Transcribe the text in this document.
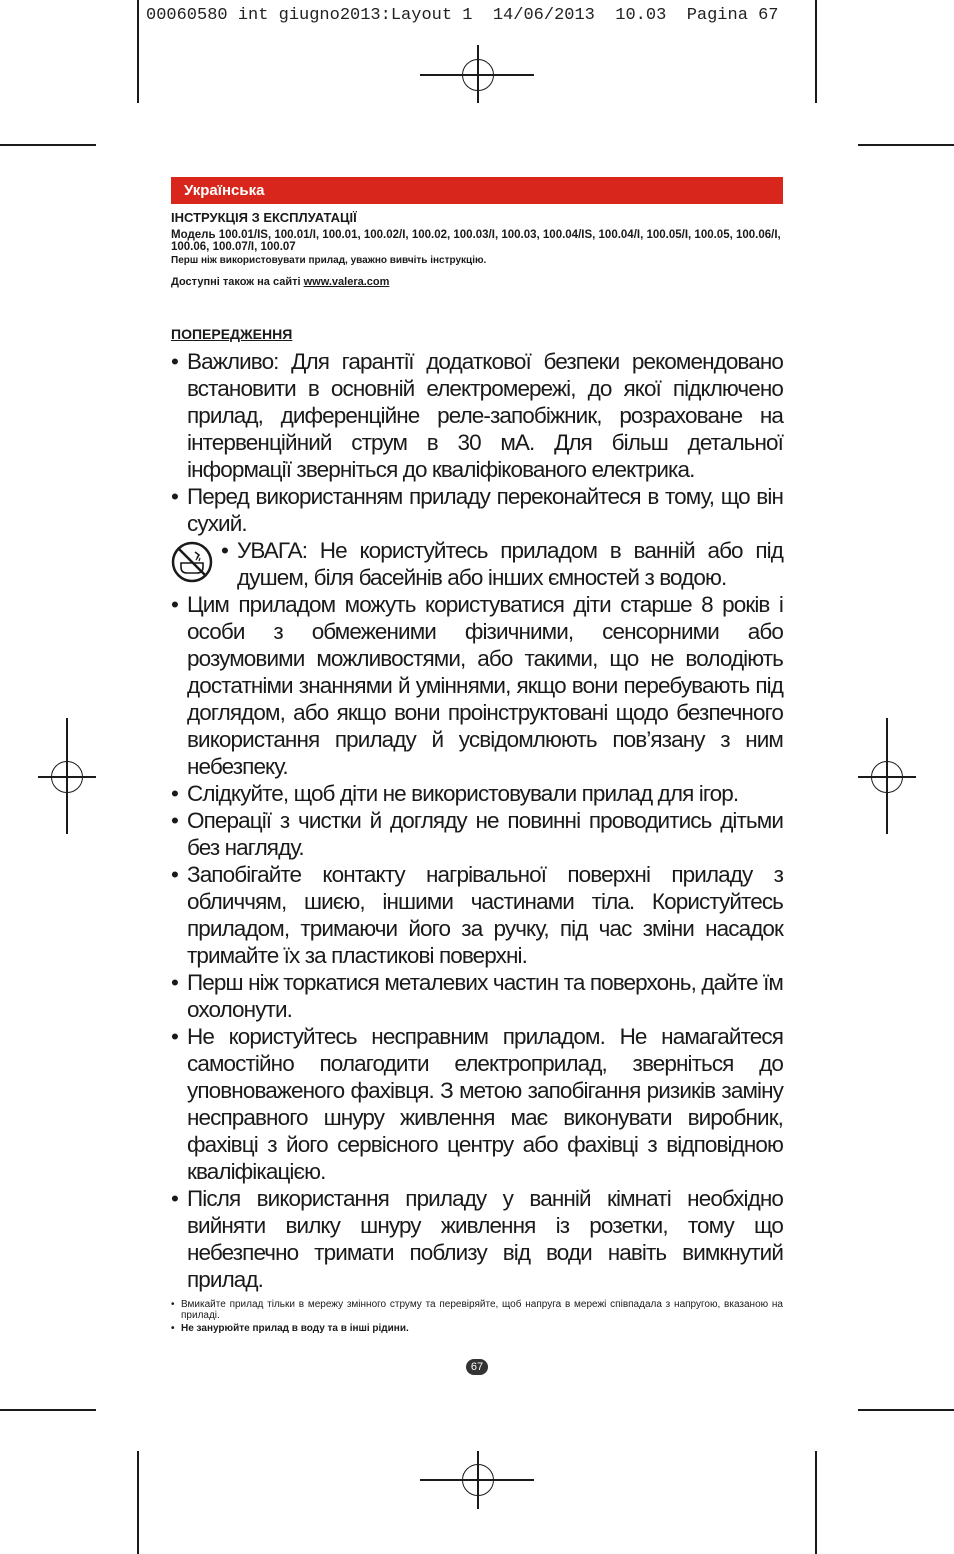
00060580 int giugno2013:Layout 1  14/06/2013  10.03  Pagina 67
Українська

ІНСТРУКЦІЯ З ЕКСПЛУАТАЦІЇ

Модель 100.01/IS, 100.01/I, 100.01, 100.02/I, 100.02, 100.03/I, 100.03, 100.04/IS, 100.04/I, 100.05/I, 100.05, 100.06/I, 100.06, 100.07/I, 100.07

Перш ніж використовувати прилад, уважно вивчіть інструкцію.

Доступні також на сайті www.valera.com

ПОПЕРЕДЖЕННЯ

• Важливо: Для гарантії додаткової безпеки рекомендовано встановити в основній електромережі, до якої підключено прилад, диференційне реле-запобіжник, розраховане на інтервенційний струм в 30 мА. Для більш детальної інформації зверніться до кваліфікованого електрика.
• Перед використанням приладу переконайтеся в тому, що він сухий.
• УВАГА: Не користуйтесь приладом в ванній або під душем, біля басейнів або інших ємностей з водою.
• Цим приладом можуть користуватися діти старше 8 років і особи з обмеженими фізичними, сенсорними або розумовими можливостями, або такими, що не володіють достатніми знаннями й уміннями, якщо вони перебувають під доглядом, або якщо вони проінструктовані щодо безпечного використання приладу й усвідомлюють пов’язану з ним небезпеку.
• Слідкуйте, щоб діти не використовували прилад для ігор.
• Операції з чистки й догляду не повинні проводитись дітьми без нагляду.
• Запобігайте контакту нагрівальної поверхні приладу з обличчям, шиєю, іншими частинами тіла. Користуйтесь приладом, тримаючи його за ручку, під час зміни насадок тримайте їх за пластикові поверхні.
• Перш ніж торкатися металевих частин та поверхонь, дайте їм охолонути.
• Не користуйтесь несправним приладом. Не намагайтеся самостійно полагодити електроприлад, зверніться до уповноваженого фахівця. З метою запобігання ризиків заміну несправного шнуру живлення має виконувати виробник, фахівці з його сервісного центру або фахівці з відповідною кваліфікацією.
• Після використання приладу у ванній кімнаті необхідно вийняти вилку шнуру живлення із розетки, тому що небезпечно тримати поблизу від води навіть вимкнутий прилад.
• Вмикайте прилад тільки в мережу змінного струму та перевіряйте, щоб напруга в мережі співпадала з напругою, вказаною на приладі.
• Не занурюйте прилад в воду та в інші рідини.
67
